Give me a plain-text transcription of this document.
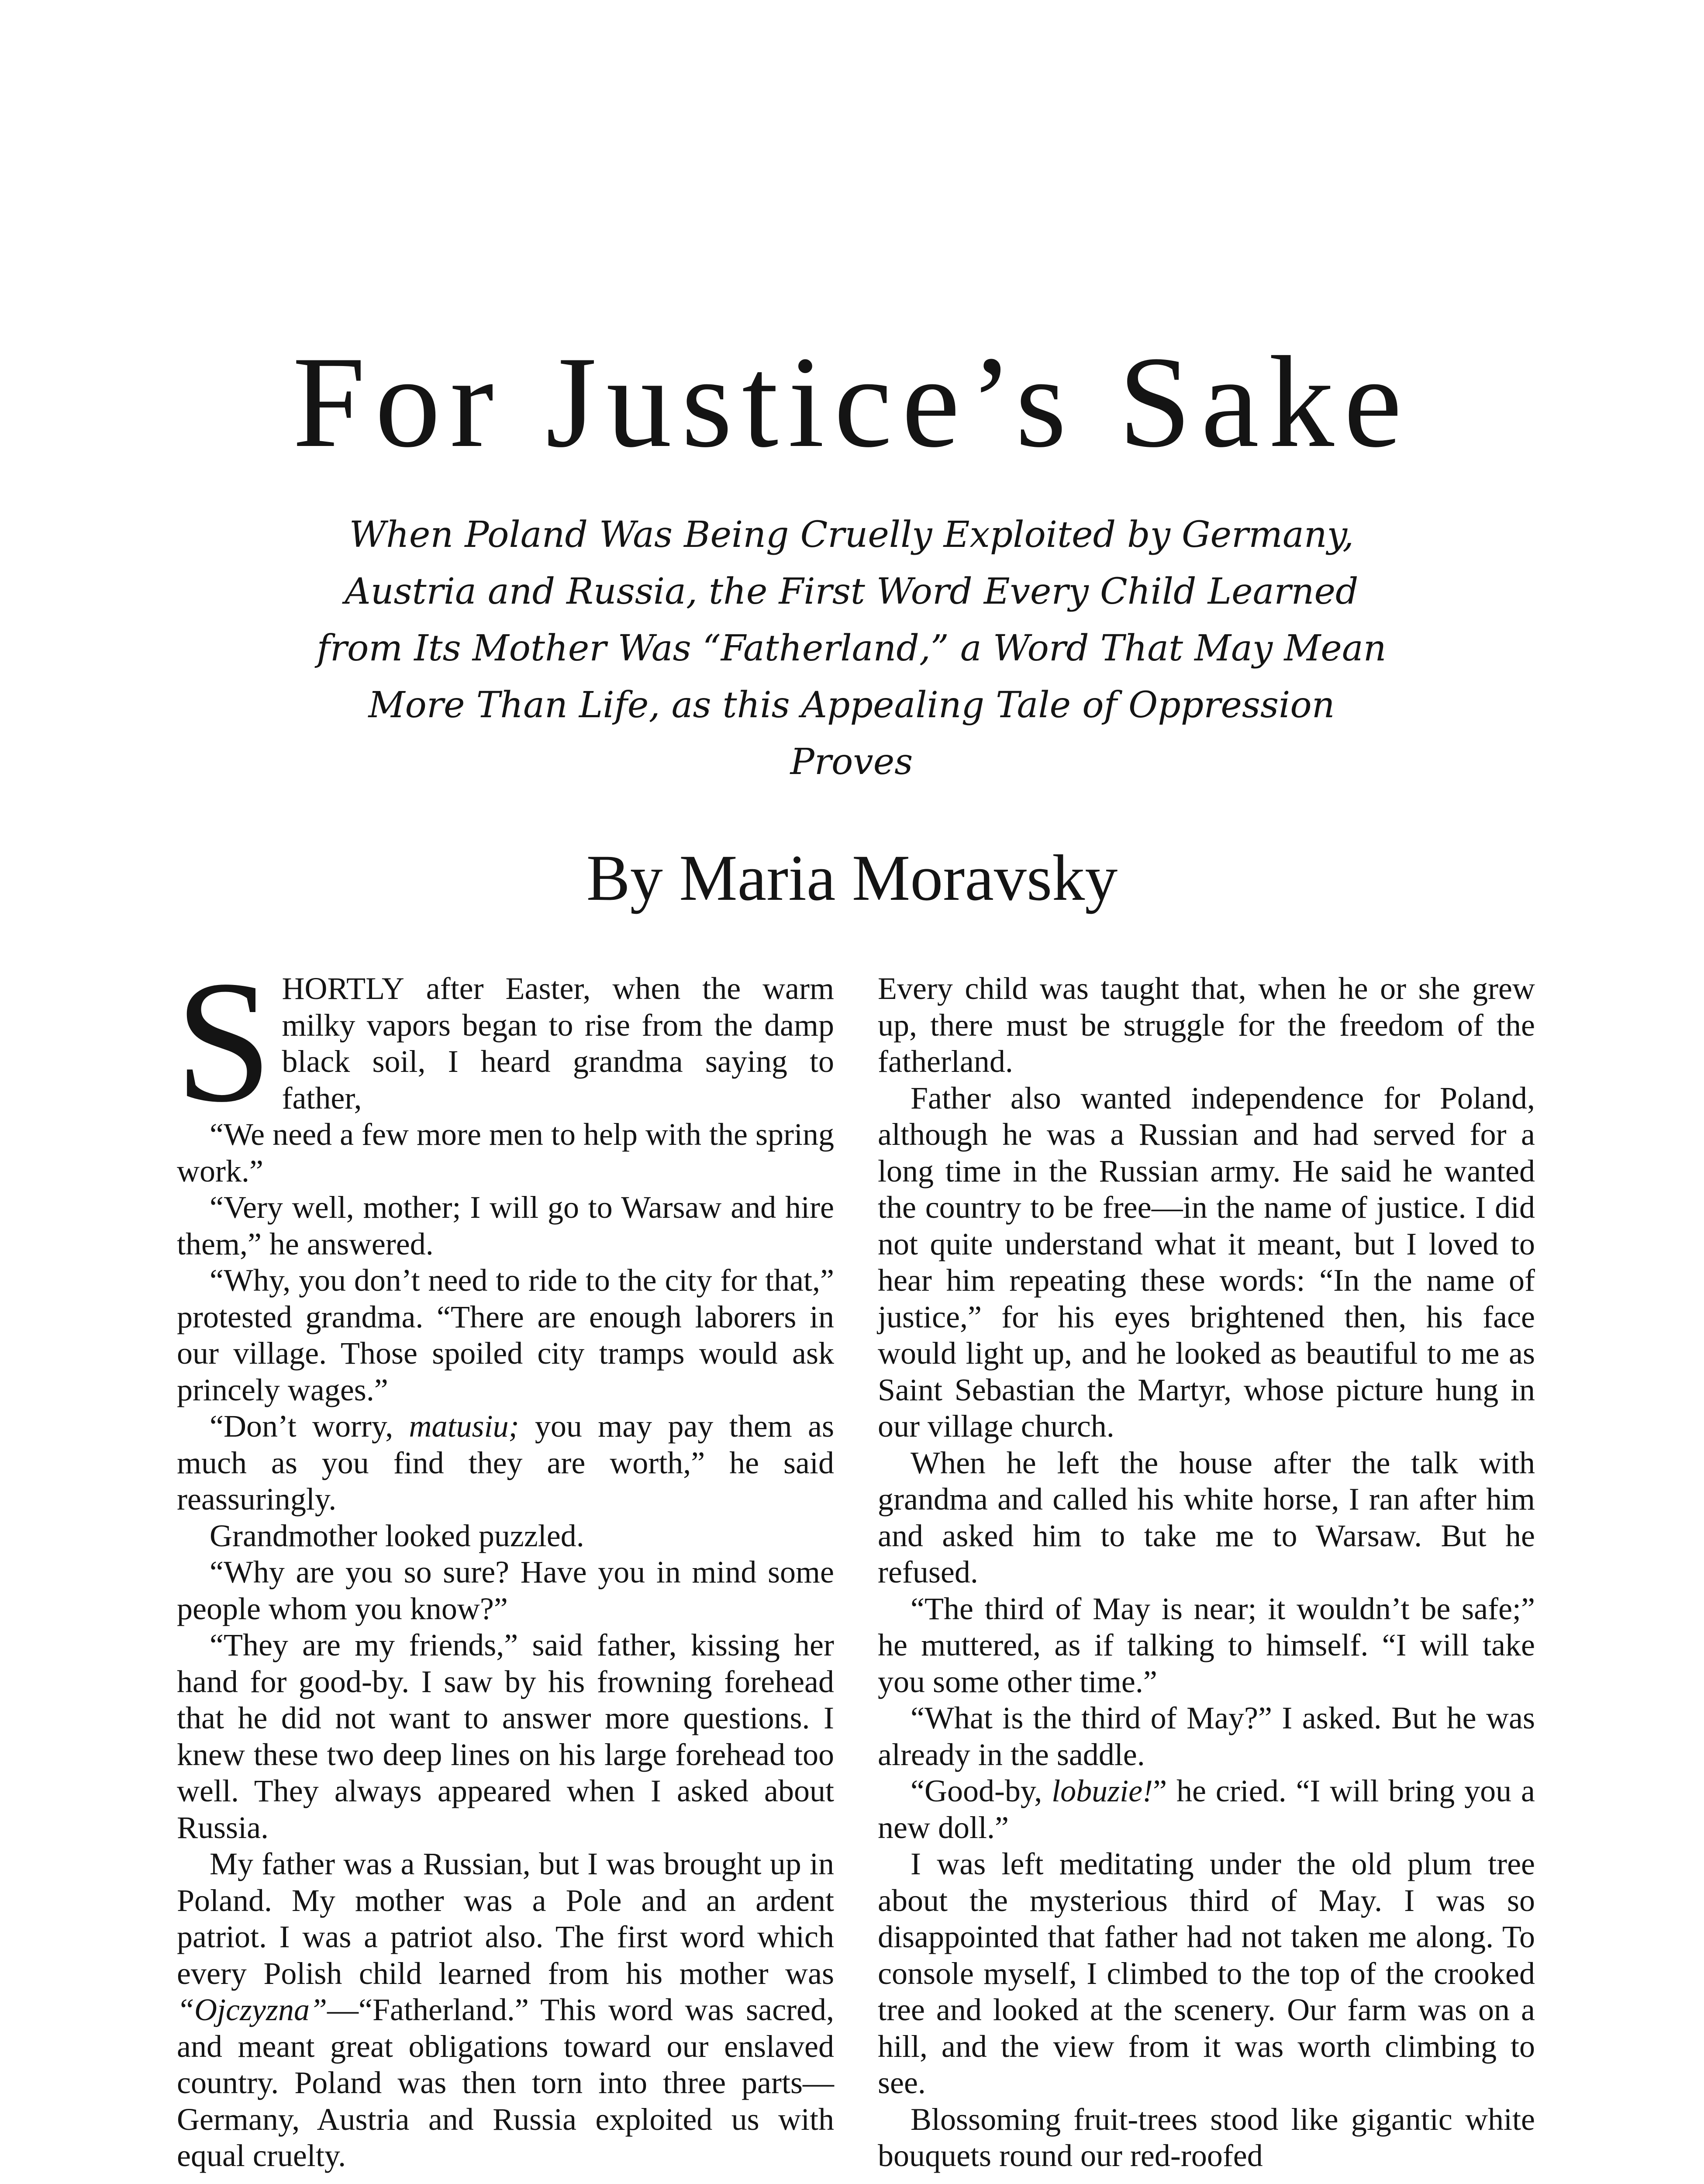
For Justice’s Sake

When Poland Was Being Cruelly Exploited by Germany, Austria and Russia, the First Word Every Child Learned from Its Mother Was “Fatherland,” a Word That May Mean More Than Life, as this Appealing Tale of Oppression Proves

By Maria Moravsky

SHORTLY after Easter, when the warm milky vapors began to rise from the damp black soil, I heard grandma saying to father,

“We need a few more men to help with the spring work.”

“Very well, mother; I will go to Warsaw and hire them,” he answered.

“Why, you don’t need to ride to the city for that,” protested grandma. “There are enough laborers in our village. Those spoiled city tramps would ask princely wages.”

“Don’t worry, matusiu; you may pay them as much as you find they are worth,” he said reassuringly.

Grandmother looked puzzled.

“Why are you so sure? Have you in mind some people whom you know?”

“They are my friends,” said father, kissing her hand for good-by. I saw by his frowning forehead that he did not want to answer more questions. I knew these two deep lines on his large forehead too well. They always appeared when I asked about Russia.

My father was a Russian, but I was brought up in Poland. My mother was a Pole and an ardent patriot. I was a patriot also. The first word which every Polish child learned from his mother was “Ojczyzna”—“Fatherland.” This word was sacred, and meant great obligations toward our enslaved country. Poland was then torn into three parts—Germany, Austria and Russia exploited us with equal cruelty.

Every child was taught that, when he or she grew up, there must be struggle for the freedom of the fatherland.

Father also wanted independence for Poland, although he was a Russian and had served for a long time in the Russian army. He said he wanted the country to be free—in the name of justice. I did not quite understand what it meant, but I loved to hear him repeating these words: “In the name of justice,” for his eyes brightened then, his face would light up, and he looked as beautiful to me as Saint Sebastian the Martyr, whose picture hung in our village church.

When he left the house after the talk with grandma and called his white horse, I ran after him and asked him to take me to Warsaw. But he refused.

“The third of May is near; it wouldn’t be safe;” he muttered, as if talking to himself. “I will take you some other time.”

“What is the third of May?” I asked. But he was already in the saddle.

“Good-by, lobuzie!” he cried. “I will bring you a new doll.”

I was left meditating under the old plum tree about the mysterious third of May. I was so disappointed that father had not taken me along. To console myself, I climbed to the top of the crooked tree and looked at the scenery. Our farm was on a hill, and the view from it was worth climbing to see.

Blossoming fruit-trees stood like gigantic white bouquets round our red-roofed
